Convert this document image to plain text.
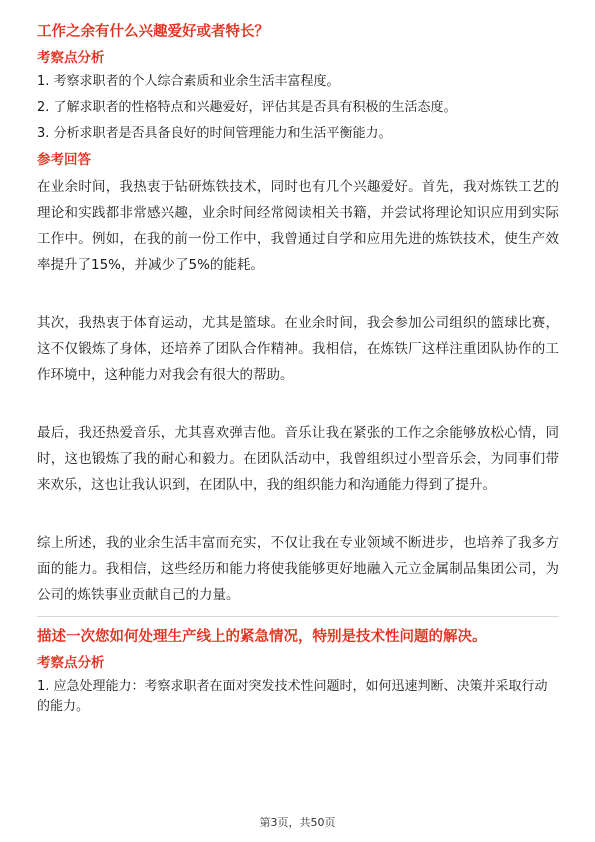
工作之余有什么兴趣爱好或者特长？
考察点分析
1. 考察求职者的个人综合素质和业余生活丰富程度。
2. 了解求职者的性格特点和兴趣爱好，评估其是否具有积极的生活态度。
3. 分析求职者是否具备良好的时间管理能力和生活平衡能力。
参考回答

在业余时间，我热衷于钻研炼铁技术，同时也有几个兴趣爱好。首先，我对炼铁工艺的理论和实践都非常感兴趣，业余时间经常阅读相关书籍，并尝试将理论知识应用到实际工作中。例如，在我的前一份工作中，我曾通过自学和应用先进的炼铁技术，使生产效率提升了15%，并减少了5%的能耗。

其次，我热衷于体育运动，尤其是篮球。在业余时间，我会参加公司组织的篮球比赛，这不仅锻炼了身体，还培养了团队合作精神。我相信，在炼铁厂这样注重团队协作的工作环境中，这种能力对我会有很大的帮助。

最后，我还热爱音乐，尤其喜欢弹吉他。音乐让我在紧张的工作之余能够放松心情，同时，这也锻炼了我的耐心和毅力。在团队活动中，我曾组织过小型音乐会，为同事们带来欢乐，这也让我认识到，在团队中，我的组织能力和沟通能力得到了提升。

综上所述，我的业余生活丰富而充实，不仅让我在专业领域不断进步，也培养了我多方面的能力。我相信，这些经历和能力将使我能够更好地融入元立金属制品集团公司，为公司的炼铁事业贡献自己的力量。

描述一次您如何处理生产线上的紧急情况，特别是技术性问题的解决。
考察点分析
1. 应急处理能力：考察求职者在面对突发技术性问题时，如何迅速判断、决策并采取行动的能力。
第3页，共50页
